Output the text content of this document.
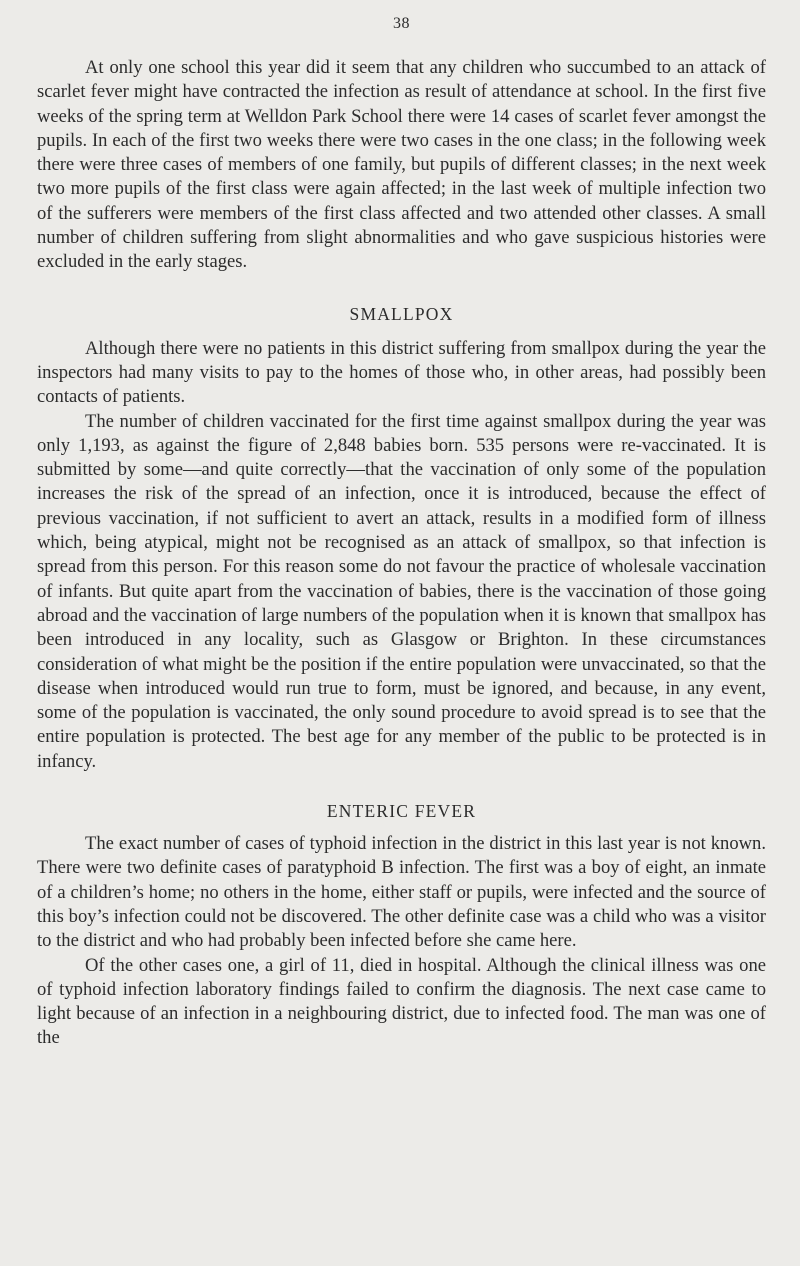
38

At only one school this year did it seem that any children who succumbed to an attack of scarlet fever might have contracted the infection as result of attendance at school. In the first five weeks of the spring term at Welldon Park School there were 14 cases of scarlet fever amongst the pupils. In each of the first two weeks there were two cases in the one class; in the following week there were three cases of members of one family, but pupils of different classes; in the next week two more pupils of the first class were again affected; in the last week of multiple infection two of the sufferers were members of the first class affected and two attended other classes. A small number of children suffering from slight abnormalities and who gave suspicious histories were excluded in the early stages.

SMALLPOX

Although there were no patients in this district suffering from smallpox during the year the inspectors had many visits to pay to the homes of those who, in other areas, had possibly been contacts of patients.

The number of children vaccinated for the first time against smallpox during the year was only 1,193, as against the figure of 2,848 babies born. 535 persons were re-vaccinated. It is submitted by some—and quite correctly—that the vaccination of only some of the population increases the risk of the spread of an infection, once it is introduced, because the effect of previous vaccination, if not sufficient to avert an attack, results in a modified form of illness which, being atypical, might not be recognised as an attack of smallpox, so that infection is spread from this person. For this reason some do not favour the practice of wholesale vaccination of infants. But quite apart from the vaccination of babies, there is the vaccination of those going abroad and the vaccination of large numbers of the population when it is known that smallpox has been introduced in any locality, such as Glasgow or Brighton. In these circumstances consideration of what might be the position if the entire population were unvaccinated, so that the disease when introduced would run true to form, must be ignored, and because, in any event, some of the population is vaccinated, the only sound procedure to avoid spread is to see that the entire population is protected. The best age for any member of the public to be protected is in infancy.

ENTERIC FEVER

The exact number of cases of typhoid infection in the district in this last year is not known. There were two definite cases of paratyphoid B infection. The first was a boy of eight, an inmate of a children’s home; no others in the home, either staff or pupils, were infected and the source of this boy’s infection could not be discovered. The other definite case was a child who was a visitor to the district and who had probably been infected before she came here.

Of the other cases one, a girl of 11, died in hospital. Although the clinical illness was one of typhoid infection laboratory findings failed to confirm the diagnosis. The next case came to light because of an infection in a neighbouring district, due to infected food. The man was one of the
